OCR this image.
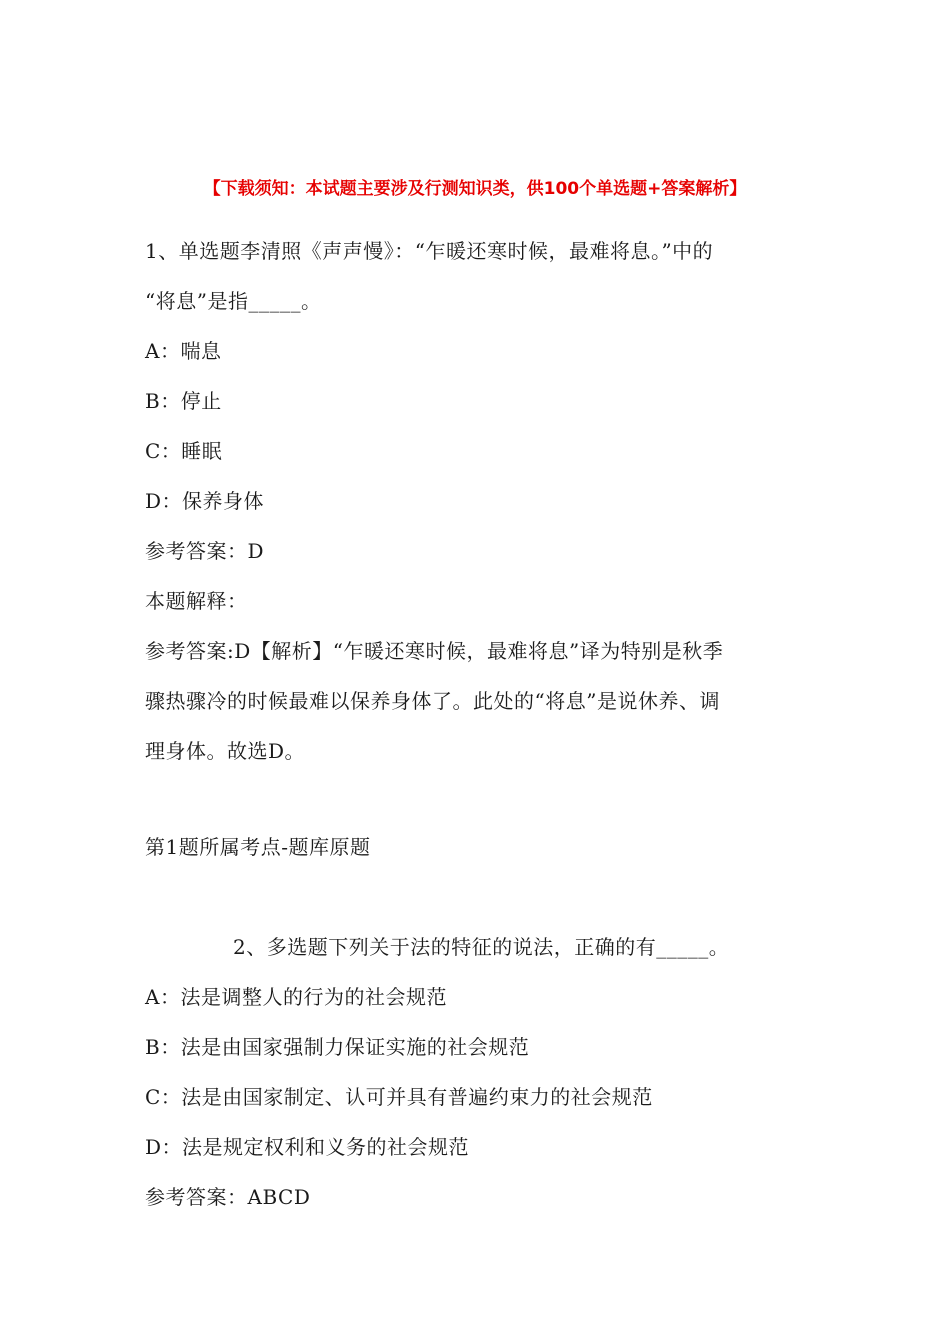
【下载须知：本试题主要涉及行测知识类，供100个单选题+答案解析】
1、单选题李清照《声声慢》：“乍暖还寒时候，最难将息。”中的
“将息”是指_____。
A：喘息
B：停止
C：睡眠
D：保养身体
参考答案：D
本题解释：
参考答案:D【解析】“乍暖还寒时候，最难将息”译为特别是秋季
骤热骤冷的时候最难以保养身体了。此处的“将息”是说休养、调
理身体。故选D。
第1题所属考点-题库原题
2、多选题下列关于法的特征的说法，正确的有_____。
A：法是调整人的行为的社会规范
B：法是由国家强制力保证实施的社会规范
C：法是由国家制定、认可并具有普遍约束力的社会规范
D：法是规定权利和义务的社会规范
参考答案：ABCD
